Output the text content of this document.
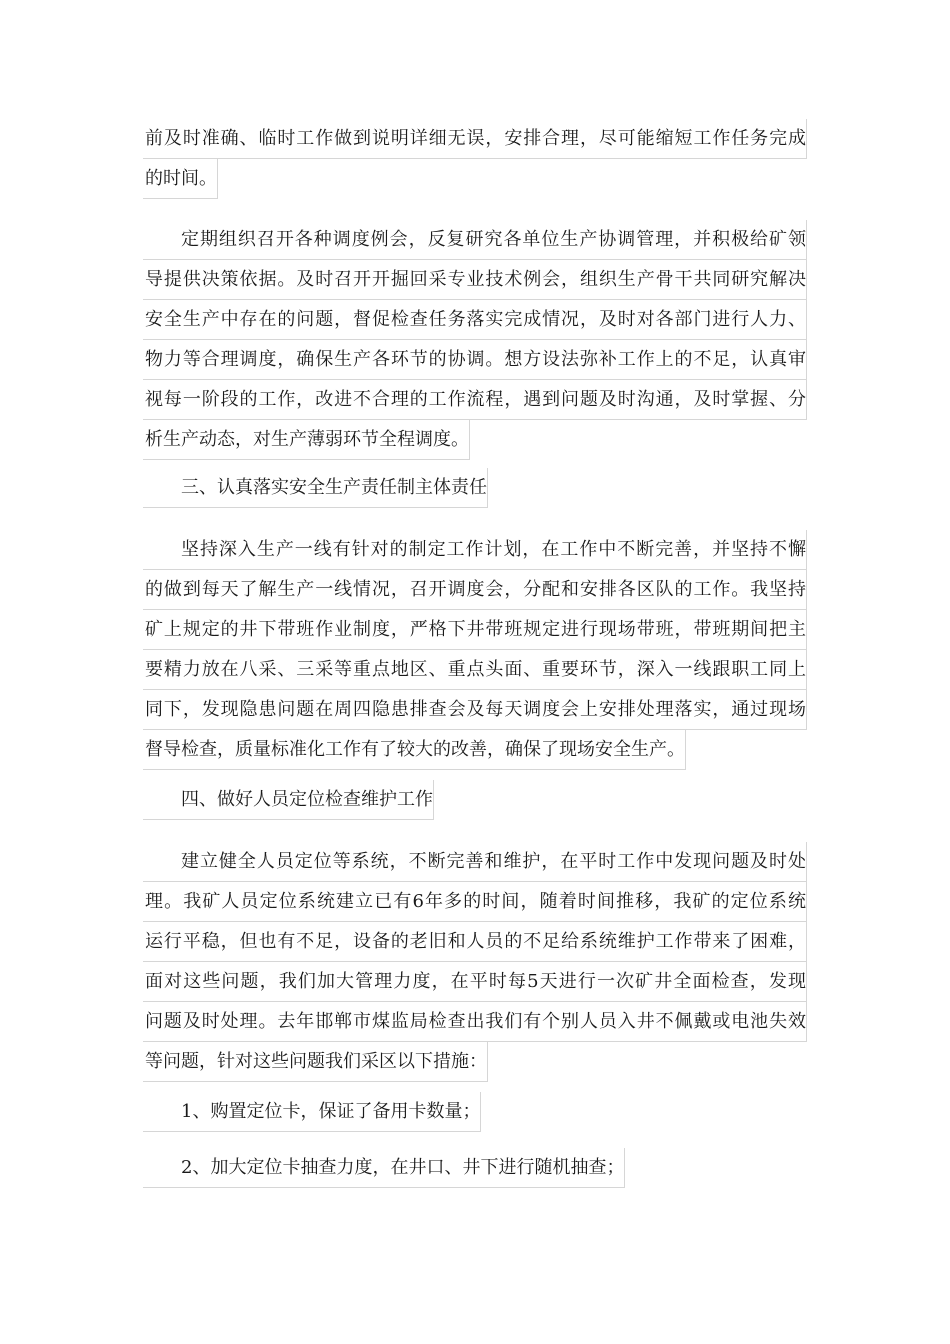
前及时准确、临时工作做到说明详细无误，安排合理，尽可能缩短工作任务完成
的时间。
定期组织召开各种调度例会，反复研究各单位生产协调管理，并积极给矿领
导提供决策依据。及时召开开掘回采专业技术例会，组织生产骨干共同研究解决
安全生产中存在的问题，督促检查任务落实完成情况，及时对各部门进行人力、
物力等合理调度，确保生产各环节的协调。想方设法弥补工作上的不足，认真审
视每一阶段的工作，改进不合理的工作流程，遇到问题及时沟通，及时掌握、分
析生产动态，对生产薄弱环节全程调度。
三、认真落实安全生产责任制主体责任
坚持深入生产一线有针对的制定工作计划，在工作中不断完善，并坚持不懈
的做到每天了解生产一线情况，召开调度会，分配和安排各区队的工作。我坚持
矿上规定的井下带班作业制度，严格下井带班规定进行现场带班，带班期间把主
要精力放在八采、三采等重点地区、重点头面、重要环节，深入一线跟职工同上
同下，发现隐患问题在周四隐患排查会及每天调度会上安排处理落实，通过现场
督导检查，质量标准化工作有了较大的改善，确保了现场安全生产。
四、做好人员定位检查维护工作
建立健全人员定位等系统，不断完善和维护，在平时工作中发现问题及时处
理。我矿人员定位系统建立已有6年多的时间，随着时间推移，我矿的定位系统
运行平稳，但也有不足，设备的老旧和人员的不足给系统维护工作带来了困难，
面对这些问题，我们加大管理力度，在平时每5天进行一次矿井全面检查，发现
问题及时处理。去年邯郸市煤监局检查出我们有个别人员入井不佩戴或电池失效
等问题，针对这些问题我们采区以下措施：
1、购置定位卡，保证了备用卡数量；
2、加大定位卡抽查力度，在井口、井下进行随机抽查；
